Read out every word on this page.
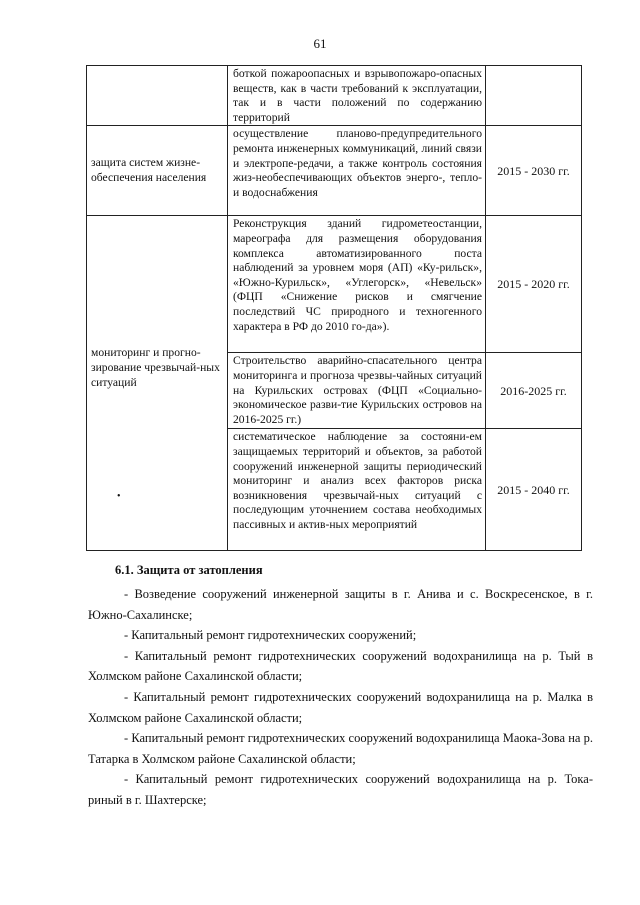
61
	боткой пожароопасных и взрывопожаро-опасных веществ, как в части требований к эксплуатации, так и в части положений по содержанию территорий	

защита систем жизне-обеспечения населения	осуществление планово-предупредительного ремонта инженерных коммуникаций, линий связи и электропе-редачи, а также контроль состояния жиз-необеспечивающих объектов энерго-, тепло- и водоснабжения	2015 - 2030 гг.

мониторинг и прогно-зирование чрезвычай-ных ситуаций	Реконструкция зданий гидрометеостанции, мареографа для размещения оборудования комплекса автоматизированного поста наблюдений за уровнем моря (АП) «Ку-рильск», «Южно-Курильск», «Углегорск», «Невельск» (ФЦП «Снижение рисков и смягчение последствий ЧС природного и техногенного характера в РФ до 2010 го-да»).	2015 - 2020 гг.
	Строительство аварийно-спасательного центра мониторинга и прогноза чрезвы-чайных ситуаций на Курильских островах (ФЦП «Социально-экономическое разви-тие Курильских островов на 2016-2025 гг.)	2016-2025 гг.
	систематическое наблюдение за состояни-ем защищаемых территорий и объектов, за работой сооружений инженерной защиты периодический мониторинг и анализ всех факторов риска возникновения чрезвычай-ных ситуаций с последующим уточнением состава необходимых пассивных и актив-ных мероприятий	2015 - 2040 гг.
•
6.1. Защита от затопления

- Возведение сооружений инженерной защиты в г. Анива и с. Воскресенское, в г. Южно-Сахалинске;

- Капитальный ремонт гидротехнических сооружений;

- Капитальный ремонт гидротехнических сооружений водохранилища на р. Тый в Холмском районе Сахалинской области;

- Капитальный ремонт гидротехнических сооружений водохранилища на р. Малка в Холмском районе Сахалинской области;

- Капитальный ремонт гидротехнических сооружений водохранилища Маока-Зова на р. Татарка в Холмском районе Сахалинской области;

- Капитальный ремонт гидротехнических сооружений водохранилища на р. Тока-риный в г. Шахтерске;
